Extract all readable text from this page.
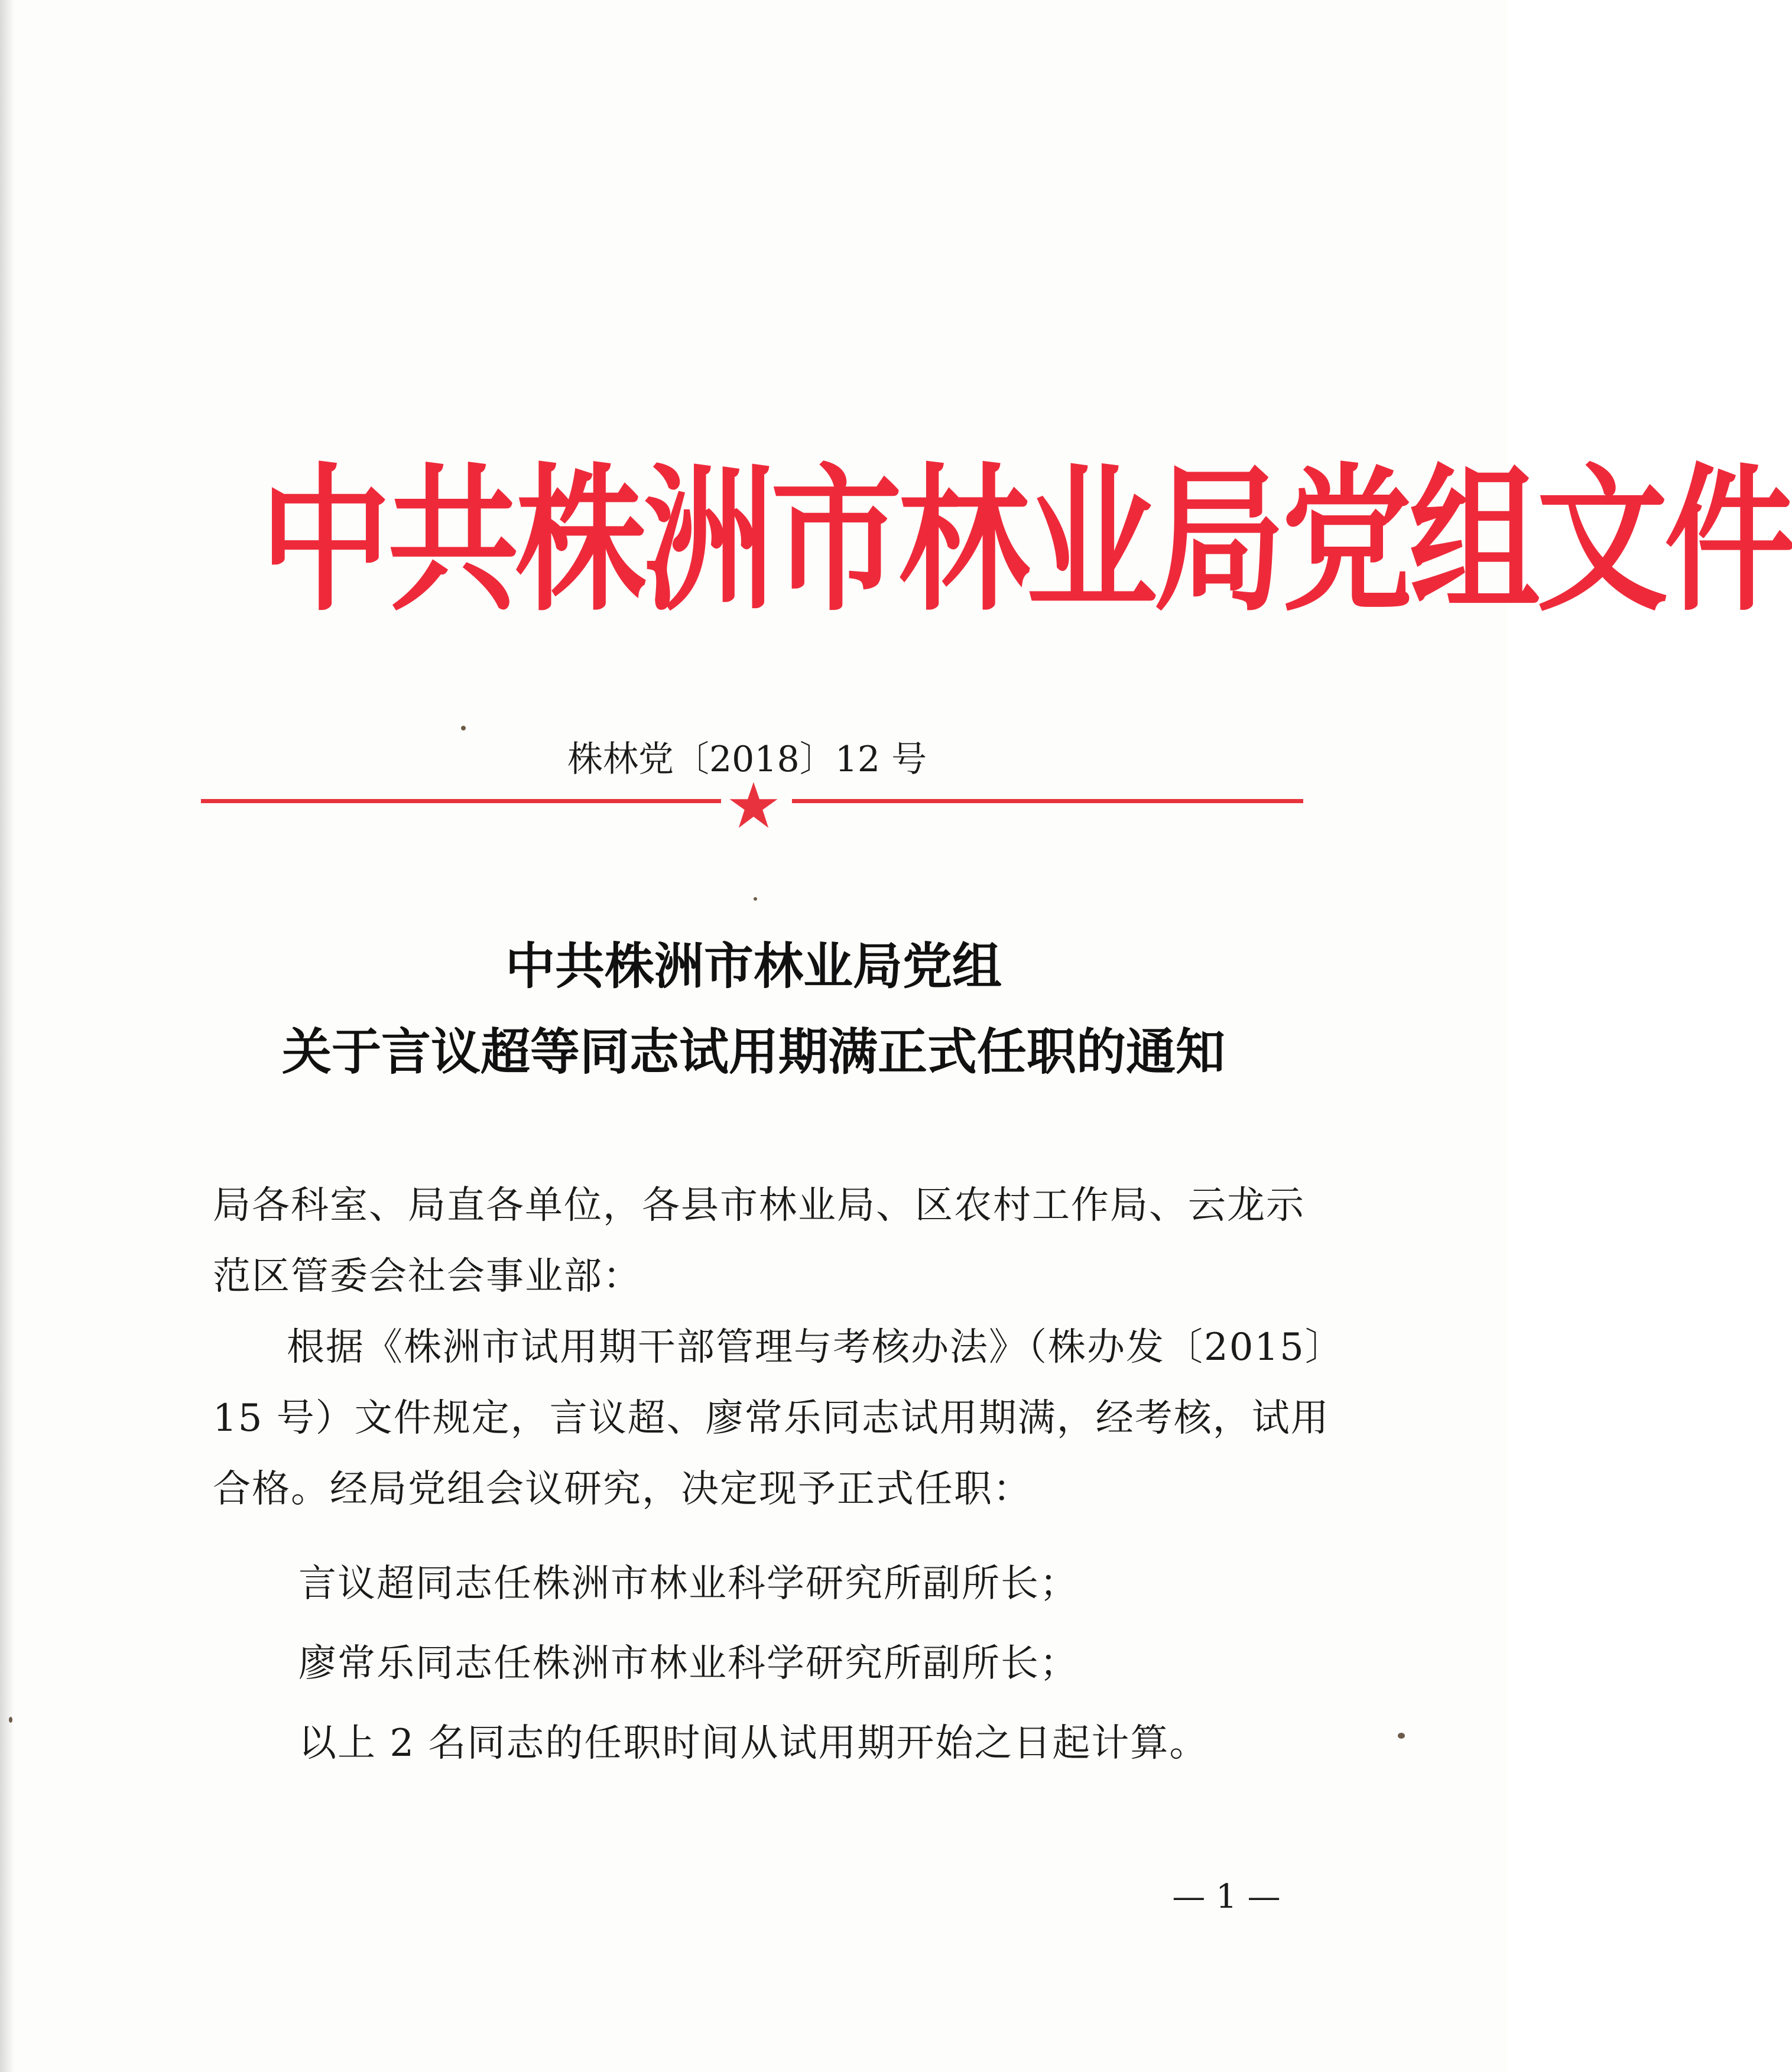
中共株洲市林业局党组文件
株林党〔2018〕12 号
中共株洲市林业局党组
关于言议超等同志试用期满正式任职的通知
局各科室、局直各单位，各县市林业局、区农村工作局、云龙示
范区管委会社会事业部：
根据《株洲市试用期干部管理与考核办法》（株办发〔2015〕
15 号）文件规定，言议超、廖常乐同志试用期满，经考核，试用
合格。经局党组会议研究，决定现予正式任职：
言议超同志任株洲市林业科学研究所副所长；
廖常乐同志任株洲市林业科学研究所副所长；
以上 2 名同志的任职时间从试用期开始之日起计算。
— 1 —
